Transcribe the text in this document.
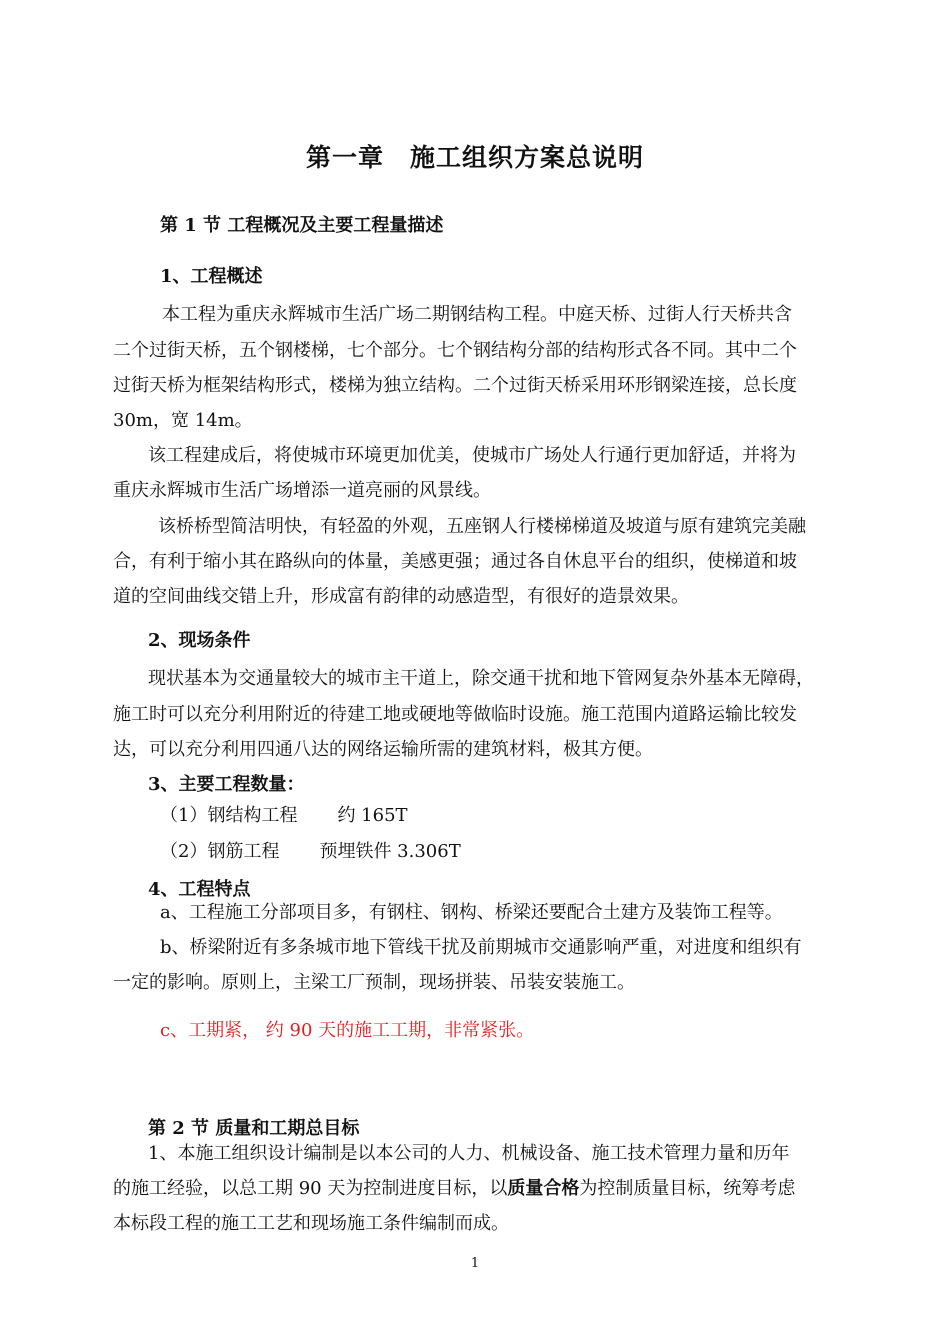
第一章 施工组织方案总说明
第 1 节 工程概况及主要工程量描述
1、工程概述
本工程为重庆永辉城市生活广场二期钢结构工程。中庭天桥、过街人行天桥共含
二个过街天桥，五个钢楼梯，七个部分。七个钢结构分部的结构形式各不同。其中二个
过街天桥为框架结构形式，楼梯为独立结构。二个过街天桥采用环形钢梁连接，总长度
30m，宽 14m。
该工程建成后，将使城市环境更加优美，使城市广场处人行通行更加舒适，并将为
重庆永辉城市生活广场增添一道亮丽的风景线。
该桥桥型简洁明快，有轻盈的外观，五座钢人行楼梯梯道及坡道与原有建筑完美融
合，有利于缩小其在路纵向的体量，美感更强；通过各自休息平台的组织，使梯道和坡
道的空间曲线交错上升，形成富有韵律的动感造型，有很好的造景效果。
2、现场条件
现状基本为交通量较大的城市主干道上，除交通干扰和地下管网复杂外基本无障碍，
施工时可以充分利用附近的待建工地或硬地等做临时设施。施工范围内道路运输比较发
达，可以充分利用四通八达的网络运输所需的建筑材料，极其方便。
3、主要工程数量：
（1）钢结构工程 约 165T
（2）钢筋工程 预埋铁件 3.306T
4、工程特点
a、工程施工分部项目多，有钢柱、钢构、桥梁还要配合土建方及装饰工程等。
b、桥梁附近有多条城市地下管线干扰及前期城市交通影响严重，对进度和组织有
一定的影响。原则上，主梁工厂预制，现场拼装、吊装安装施工。
c、工期紧， 约 90 天的施工工期，非常紧张。
第 2 节 质量和工期总目标
1、本施工组织设计编制是以本公司的人力、机械设备、施工技术管理力量和历年
的施工经验，以总工期 90 天为控制进度目标，以质量合格为控制质量目标，统筹考虑
本标段工程的施工工艺和现场施工条件编制而成。
1
